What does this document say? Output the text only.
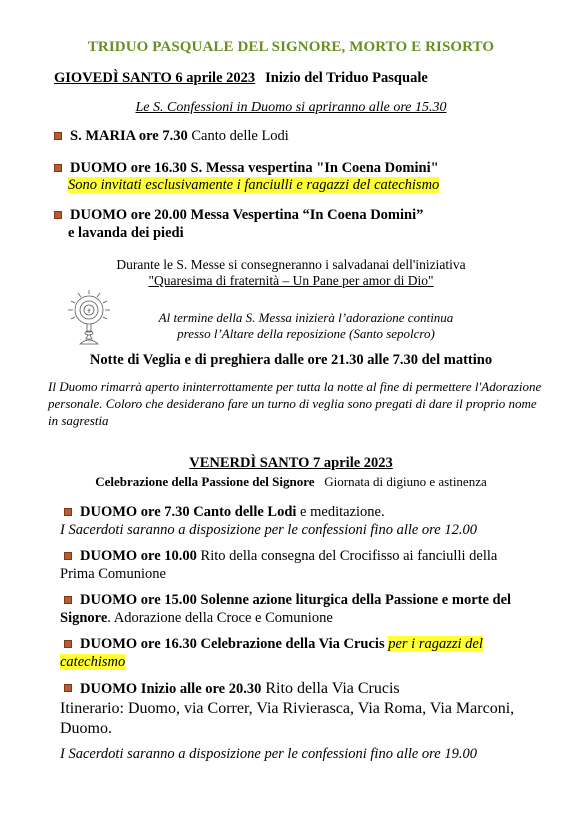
TRIDUO PASQUALE DEL SIGNORE, MORTO E RISORTO
GIOVEDÌ SANTO 6 aprile 2023 Inizio del Triduo Pasquale
Le S. Confessioni in Duomo si apriranno alle ore 15.30
S. MARIA ore 7.30 Canto delle Lodi
DUOMO ore 16.30 S. Messa vespertina "In Coena Domini"
Sono invitati esclusivamente i fanciulli e ragazzi del catechismo
DUOMO ore 20.00 Messa Vespertina “In Coena Domini”
e lavanda dei piedi
Durante le S. Messe si consegneranno i salvadanai dell'iniziativa
"Quaresima di fraternità – Un Pane per amor di Dio"
✝	Al termine della S. Messa inizierà l’adorazione continua
presso l’Altare della reposizione (Santo sepolcro)
Notte di Veglia e di preghiera dalle ore 21.30 alle 7.30 del mattino
Il Duomo rimarrà aperto ininterrottamente per tutta la notte al fine di permettere l'Adorazione personale. Coloro che desiderano fare un turno di veglia sono pregati di dare il proprio nome in sagrestia
VENERDÌ SANTO 7 aprile 2023
Celebrazione della Passione del Signore Giornata di digiuno e astinenza
DUOMO ore 7.30 Canto delle Lodi e meditazione.
I Sacerdoti saranno a disposizione per le confessioni fino alle ore 12.00
DUOMO ore 10.00 Rito della consegna del Crocifisso ai fanciulli della
Prima Comunione
DUOMO ore 15.00 Solenne azione liturgica della Passione e morte del
Signore. Adorazione della Croce e Comunione
DUOMO ore 16.30 Celebrazione della Via Crucis per i ragazzi del
catechismo
DUOMO Inizio alle ore 20.30 Rito della Via Crucis
Itinerario: Duomo, via Correr, Via Rivierasca, Via Roma, Via Marconi,
Duomo.
I Sacerdoti saranno a disposizione per le confessioni fino alle ore 19.00
